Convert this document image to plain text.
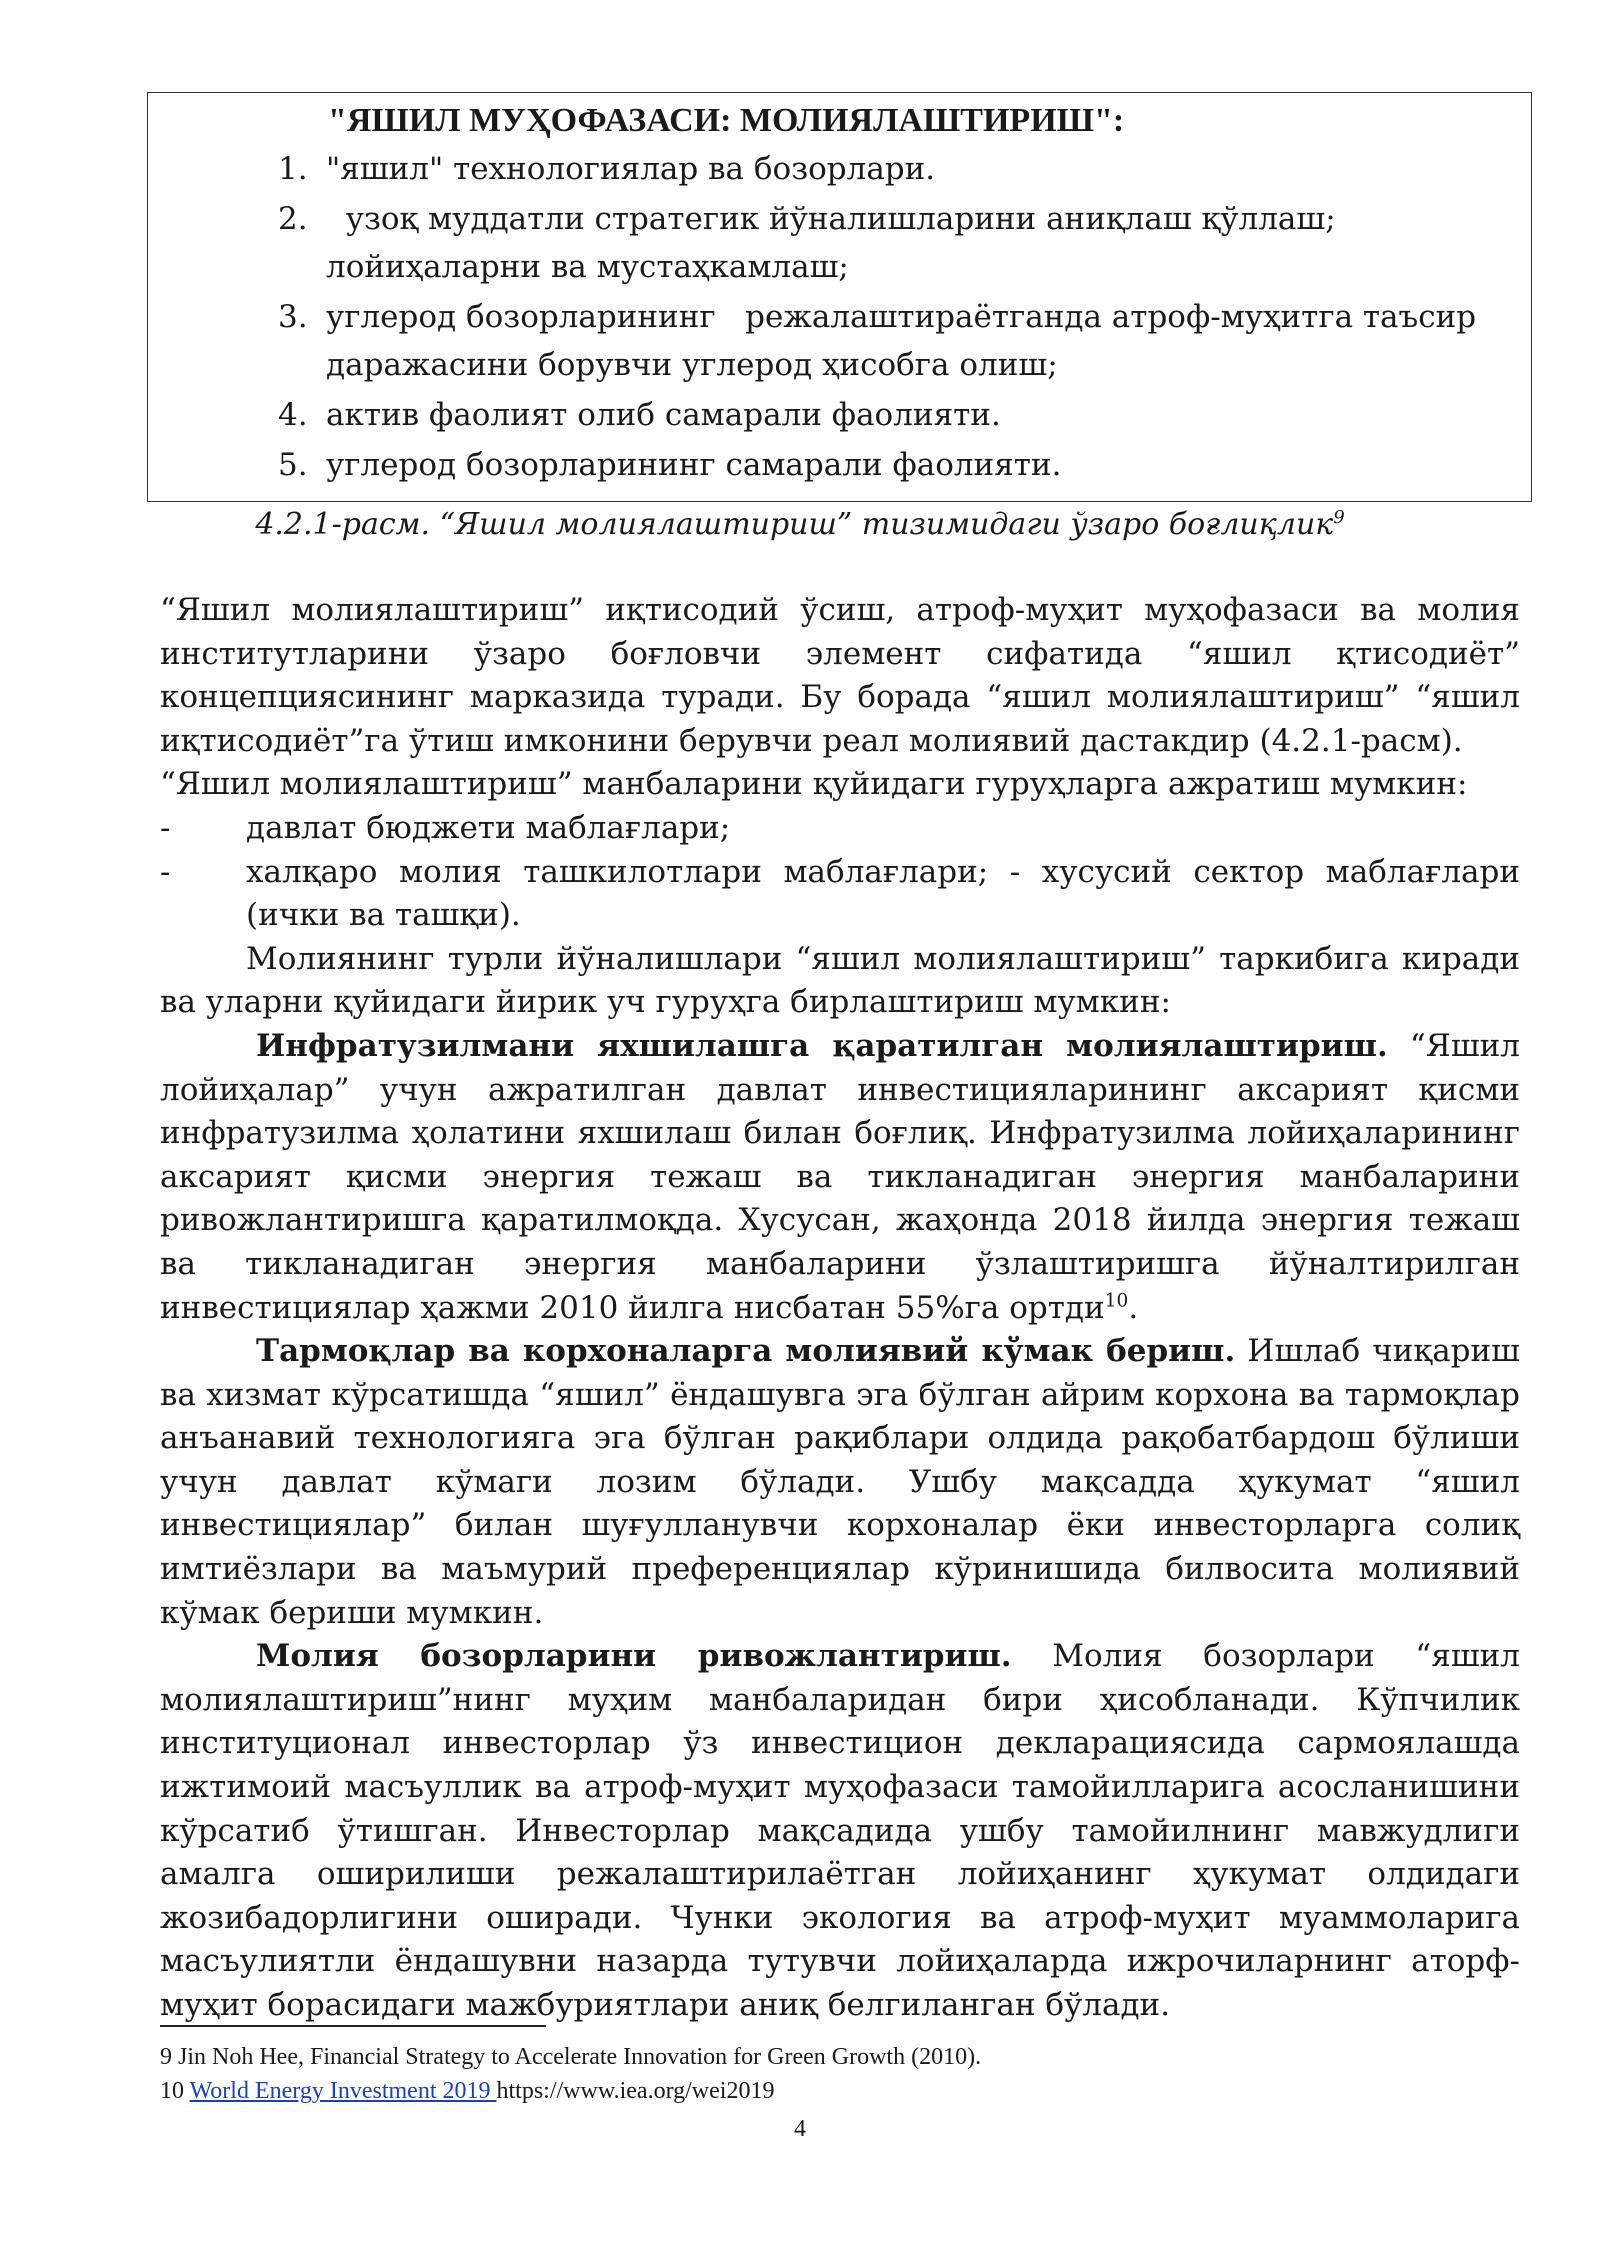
"ЯШИЛ МУҲОФАЗАСИ: МОЛИЯЛАШТИРИШ":

1. "яшил" технологиялар ва бозорлари.
2. узоқ муддатли стратегик йўналишларини аниқлаш қўллаш;
лойиҳаларни ва мустаҳкамлаш;
3. углерод бозорларининг   режалаштираётганда атроф-муҳитга таъсир
даражасини борувчи углерод ҳисобга олиш;
4. актив фаолият олиб самарали фаолияти.
5. углерод бозорларининг самарали фаолияти.

4.2.1-расм. “Яшил молиялаштириш” тизимидаги ўзаро боғлиқлик$^9$

“Яшил молиялаштириш” иқтисодий ўсиш, атроф-муҳит муҳофазаси ва молия институтларини ўзаро боғловчи элемент сифатида “яшил қтисодиёт” концепциясининг марказида туради. Бу борада “яшил молиялаштириш” “яшил иқтисодиёт”га ўтиш имконини берувчи реал молиявий дастакдир (4.2.1-расм).

“Яшил молиялаштириш” манбаларини қуйидаги гуруҳларга ажратиш мумкин:

-	давлат бюджети маблағлари;
-	халқаро молия ташкилотлари маблағлари; - хусусий сектор маблағлари (ички ва ташқи).

Молиянинг турли йўналишлари “яшил молиялаштириш” таркибига киради ва уларни қуйидаги йирик уч гуруҳга бирлаштириш мумкин:

Инфратузилмани яхшилашга қаратилган молиялаштириш. “Яшил лойиҳалар” учун ажратилган давлат инвестицияларининг аксарият қисми инфратузилма ҳолатини яхшилаш билан боғлиқ. Инфратузилма лойиҳаларининг аксарият қисми энергия тежаш ва тикланадиган энергия манбаларини ривожлантиришга қаратилмоқда. Хусусан, жаҳонда 2018 йилда энергия тежаш ва тикланадиган энергия манбаларини ўзлаштиришга йўналтирилган инвестициялар ҳажми 2010 йилга нисбатан 55%га ортди$^{10}$.

Тармоқлар ва корхоналарга молиявий кўмак бериш. Ишлаб чиқариш ва хизмат кўрсатишда “яшил” ёндашувга эга бўлган айрим корхона ва тармоқлар анъанавий технологияга эга бўлган рақиблари олдида рақобатбардош бўлиши учун давлат кўмаги лозим бўлади. Ушбу мақсадда ҳукумат “яшил инвестициялар” билан шуғулланувчи корхоналар ёки инвесторларга солиқ имтиёзлари ва маъмурий преференциялар кўринишида билвосита молиявий кўмак бериши мумкин.

Молия бозорларини ривожлантириш. Молия бозорлари “яшил молиялаштириш”нинг муҳим манбаларидан бири ҳисобланади. Кўпчилик институционал инвесторлар ўз инвестицион декларациясида сармоялашда ижтимоий масъуллик ва атроф-муҳит муҳофазаси тамойилларига асосланишини кўрсатиб ўтишган. Инвесторлар мақсадида ушбу тамойилнинг мавжудлиги амалга оширилиши режалаштирилаётган лойиҳанинг ҳукумат олдидаги жозибадорлигини оширади. Чунки экология ва атроф-муҳит муаммоларига масъулиятли ёндашувни назарда тутувчи лойиҳаларда ижрочиларнинг аторф-муҳит борасидаги мажбуриятлари аниқ белгиланган бўлади.

9 Jin Noh Hee, Financial Strategy to Accelerate Innovation for Green Growth (2010).

10 World Energy Investment 2019 https://www.iea.org/wei2019

4
